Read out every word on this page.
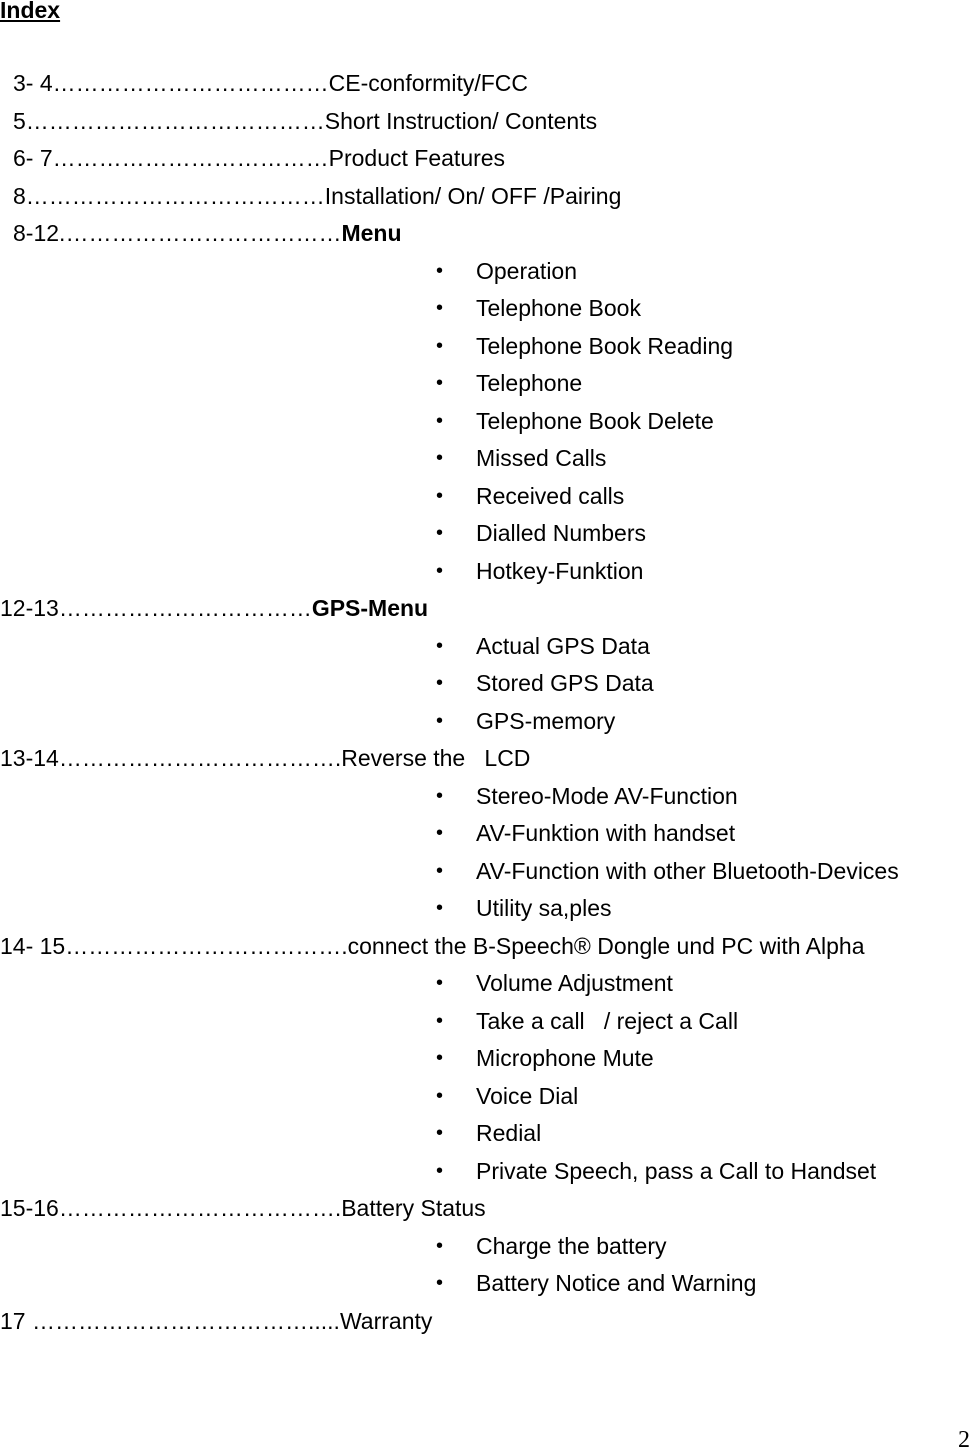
Index
3- 4………………………………CE-conformity/FCC
5…………………………………Short Instruction/ Contents
6- 7………………………………Product Features
8…………………………………Installation/ On/ OFF /Pairing
8-12.………………………………Menu
• Operation
• Telephone Book
• Telephone Book Reading
• Telephone
• Telephone Book Delete
• Missed Calls
• Received calls
• Dialled Numbers
• Hotkey-Funktion
12-13……………………………GPS-Menu
• Actual GPS Data
• Stored GPS Data
• GPS-memory
13-14……………………………….Reverse the   LCD
• Stereo-Mode AV-Function
• AV-Funktion with handset
• AV-Function with other Bluetooth-Devices
• Utility sa,ples
14- 15……………………………….connect the B-Speech® Dongle und PC with Alpha
• Volume Adjustment
• Take a call   / reject a Call
• Microphone Mute
• Voice Dial
• Redial
• Private Speech, pass a Call to Handset
15-16……………………………….Battery Status
• Charge the battery
• Battery Notice and Warning
17 ……………………………….....Warranty
2
